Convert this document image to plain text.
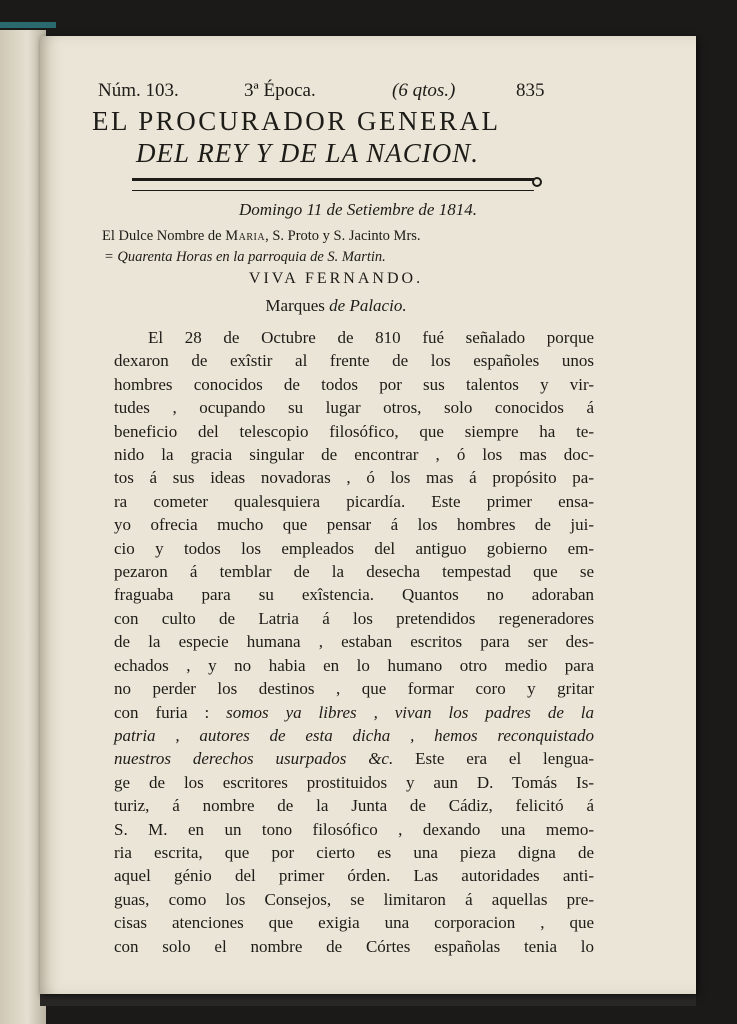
Núm. 103.	3ª Época.	(6 qtos.)	835
EL PROCURADOR GENERAL
DEL REY Y DE LA NACION.
Domingo 11 de Setiembre de 1814.
El Dulce Nombre de Maria, S. Proto y S. Jacinto Mrs.
= Quarenta Horas en la parroquia de S. Martin.
VIVA FERNANDO.
Marques de Palacio.
El 28 de Octubre de 810 fué señalado porque
dexaron de exîstir al frente de los españoles unos
hombres conocidos de todos por sus talentos y vir-
tudes , ocupando su lugar otros, solo conocidos á
beneficio del telescopio filosófico, que siempre ha te-
nido la gracia singular de encontrar , ó los mas doc-
tos á sus ideas novadoras , ó los mas á propósito pa-
ra cometer qualesquiera picardía. Este primer ensa-
yo ofrecia mucho que pensar á los hombres de jui-
cio y todos los empleados del antiguo gobierno em-
pezaron á temblar de la desecha tempestad que se
fraguaba para su exîstencia. Quantos no adoraban
con culto de Latria á los pretendidos regeneradores
de la especie humana , estaban escritos para ser des-
echados , y no habia en lo humano otro medio para
no perder los destinos , que formar coro y gritar
con furia : somos ya libres , vivan los padres de la
patria , autores de esta dicha , hemos reconquistado
nuestros derechos usurpados &c. Este era el lengua-
ge de los escritores prostituidos y aun D. Tomás Is-
turiz, á nombre de la Junta de Cádiz, felicitó á
S. M. en un tono filosófico , dexando una memo-
ria escrita, que por cierto es una pieza digna de
aquel génio del primer órden. Las autoridades anti-
guas, como los Consejos, se limitaron á aquellas pre-
cisas atenciones que exigia una corporacion , que
con solo el nombre de Córtes españolas tenia lo
